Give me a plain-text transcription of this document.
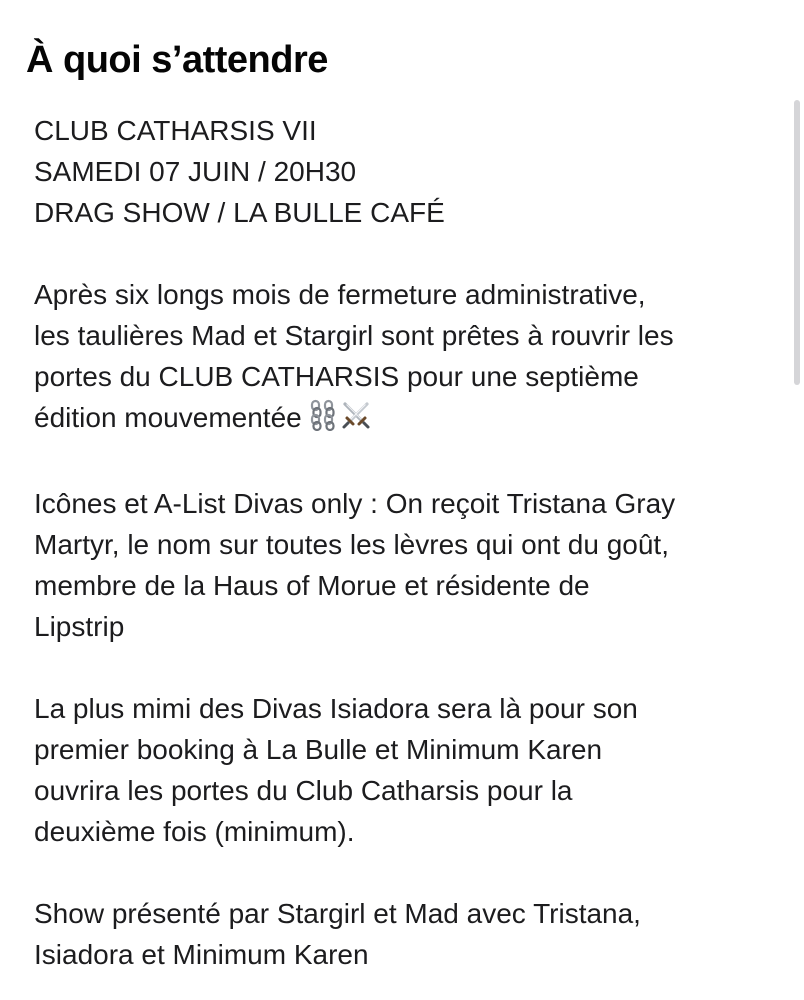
À quoi s’attendre
CLUB CATHARSIS VII
SAMEDI 07 JUIN / 20H30
DRAG SHOW / LA BULLE CAFÉ
Après six longs mois de fermeture administrative,
les taulières Mad et Stargirl sont prêtes à rouvrir les
portes du CLUB CATHARSIS pour une septième
édition mouvementée
Icônes et A-List Divas only : On reçoit Tristana Gray
Martyr, le nom sur toutes les lèvres qui ont du goût,
membre de la Haus of Morue et résidente de
Lipstrip
La plus mimi des Divas Isiadora sera là pour son
premier booking à La Bulle et Minimum Karen
ouvrira les portes du Club Catharsis pour la
deuxième fois (minimum).
Show présenté par Stargirl et Mad avec Tristana,
Isiadora et Minimum Karen
